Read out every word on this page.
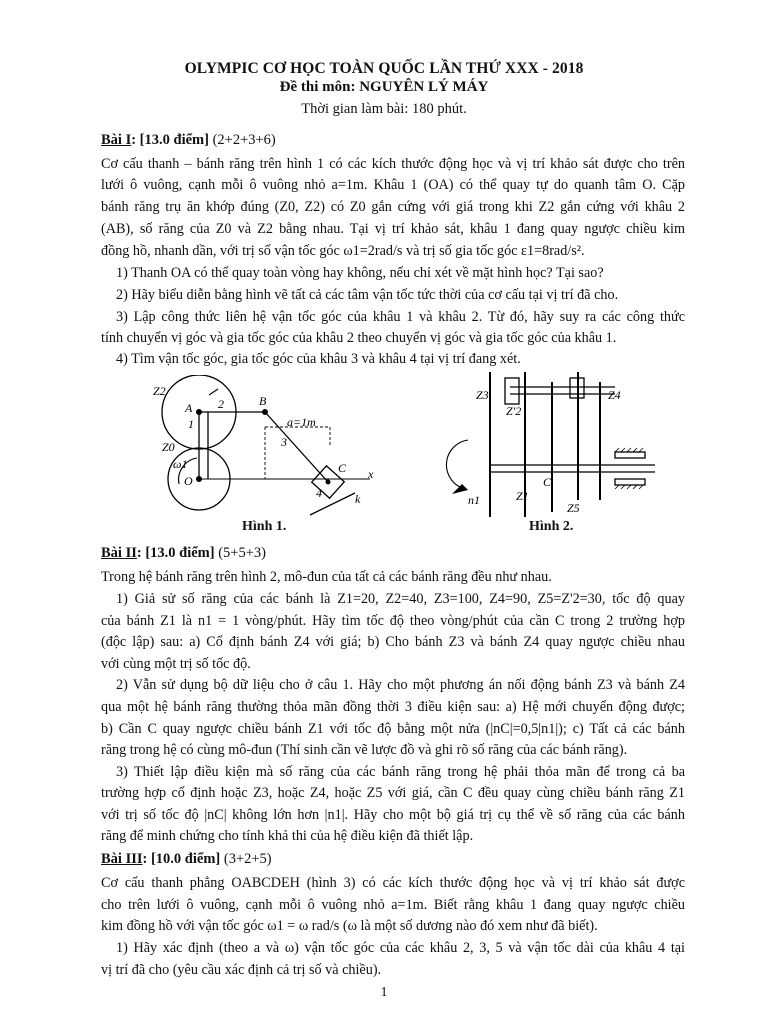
OLYMPIC CƠ HỌC TOÀN QUỐC LẦN THỨ XXX - 2018
Đề thi môn: NGUYÊN LÝ MÁY
Thời gian làm bài: 180 phút.
Bài I: [13.0 điểm] (2+2+3+6)
Cơ cấu thanh – bánh răng trên hình 1 có các kích thước động học và vị trí khảo sát được cho trên
lưới ô vuông, cạnh mỗi ô vuông nhỏ a=1m. Khâu 1 (OA) có thể quay tự do quanh tâm O. Cặp
bánh răng trụ ăn khớp đúng (Z0, Z2) có Z0 gắn cứng với giá trong khi Z2 gắn cứng với khâu 2
(AB), số răng của Z0 và Z2 bằng nhau. Tại vị trí khảo sát, khâu 1 đang quay ngược chiều kim
đồng hồ, nhanh dần, với trị số vận tốc góc ω1=2rad/s và trị số gia tốc góc ε1=8rad/s².
1) Thanh OA có thể quay toàn vòng hay không, nếu chỉ xét về mặt hình học? Tại sao?
2) Hãy biểu diễn bằng hình vẽ tất cả các tâm vận tốc tức thời của cơ cấu tại vị trí đã cho.
3) Lập công thức liên hệ vận tốc góc của khâu 1 và khâu 2. Từ đó, hãy suy ra các công thức
tính chuyển vị góc và gia tốc góc của khâu 2 theo chuyển vị góc và gia tốc góc của khâu 1.
4) Tìm vận tốc góc, gia tốc góc của khâu 3 và khâu 4 tại vị trí đang xét.
Z2
A 2
1
B
a=1m
3
Z0
ω1
O
C x
4	k
Z3
Z'2
Z4
Z1
C
Z5
n1
Hình 1.	Hình 2.
Bài II: [13.0 điểm] (5+5+3)
Trong hệ bánh răng trên hình 2, mô-đun của tất cả các bánh răng đều như nhau.
1) Giả sử số răng của các bánh là Z1=20, Z2=40, Z3=100, Z4=90, Z5=Z'2=30, tốc độ quay
của bánh Z1 là n1 = 1 vòng/phút. Hãy tìm tốc độ theo vòng/phút của cần C trong 2 trường hợp
(độc lập) sau: a) Cố định bánh Z4 với giá; b) Cho bánh Z3 và bánh Z4 quay ngược chiều nhau
với cùng một trị số tốc độ.
2) Vẫn sử dụng bộ dữ liệu cho ở câu 1. Hãy cho một phương án nối động bánh Z3 và bánh Z4
qua một hệ bánh răng thường thỏa mãn đồng thời 3 điều kiện sau: a) Hệ mới chuyển động được;
b) Cần C quay ngược chiều bánh Z1 với tốc độ bằng một nửa (|nC|=0,5|n1|); c) Tất cả các bánh
răng trong hệ có cùng mô-đun (Thí sinh cần vẽ lược đồ và ghi rõ số răng của các bánh răng).
3) Thiết lập điều kiện mà số răng của các bánh răng trong hệ phải thỏa mãn để trong cả ba
trường hợp cố định hoặc Z3, hoặc Z4, hoặc Z5 với giá, cần C đều quay cùng chiều bánh răng Z1
với trị số tốc độ |nC| không lớn hơn |n1|. Hãy cho một bộ giá trị cụ thể về số răng của các bánh
răng để minh chứng cho tính khả thi của hệ điều kiện đã thiết lập.
Bài III: [10.0 điểm] (3+2+5)
Cơ cấu thanh phẳng OABCDEH (hình 3) có các kích thước động học và vị trí khảo sát được
cho trên lưới ô vuông, cạnh mỗi ô vuông nhỏ a=1m. Biết rằng khâu 1 đang quay ngược chiều
kim đồng hồ với vận tốc góc ω1 = ω rad/s (ω là một số dương nào đó xem như đã biết).
1) Hãy xác định (theo a và ω) vận tốc góc của các khâu 2, 3, 5 và vận tốc dài của khâu 4 tại
vị trí đã cho (yêu cầu xác định cả trị số và chiều).
1
